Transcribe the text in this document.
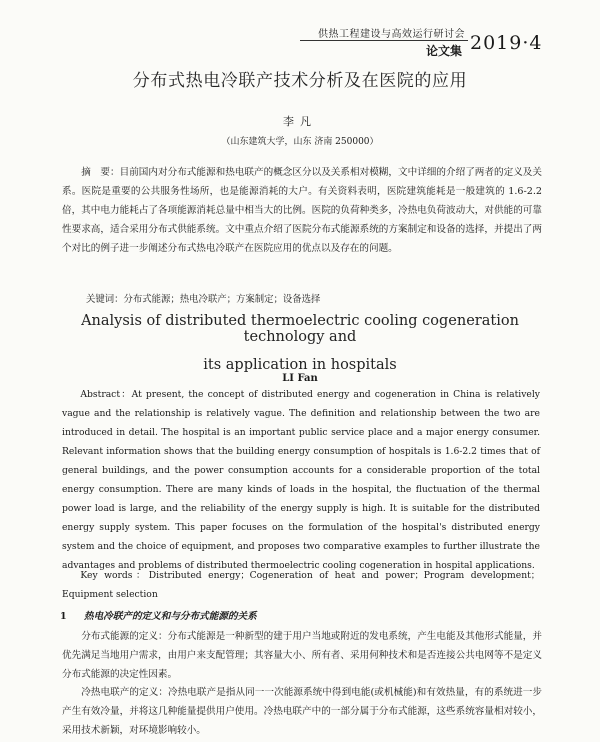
供热工程建设与高效运行研讨会
论文集 2019·4
分布式热电冷联产技术分析及在医院的应用
李凡
（山东建筑大学，山东 济南 250000）
摘　要：目前国内对分布式能源和热电联产的概念区分以及关系相对模糊，文中详细的介绍了两者的定义及关系。医院是重要的公共服务性场所，也是能源消耗的大户。有关资料表明，医院建筑能耗是一般建筑的 1.6-2.2 倍，其中电力能耗占了各项能源消耗总量中相当大的比例。医院的负荷种类多，冷热电负荷波动大，对供能的可靠性要求高，适合采用分布式供能系统。文中重点介绍了医院分布式能源系统的方案制定和设备的选择，并提出了两个对比的例子进一步阐述分布式热电冷联产在医院应用的优点以及存在的问题。
关键词：分布式能源；热电冷联产；方案制定；设备选择
Analysis of distributed thermoelectric cooling cogeneration technology and
its application in hospitals
LI Fan
Abstract：At present, the concept of distributed energy and cogeneration in China is relatively vague and the relationship is relatively vague. The definition and relationship between the two are introduced in detail. The hospital is an important public service place and a major energy consumer. Relevant information shows that the building energy consumption of hospitals is 1.6-2.2 times that of general buildings, and the power consumption accounts for a considerable proportion of the total energy consumption. There are many kinds of loads in the hospital, the fluctuation of the thermal power load is large, and the reliability of the energy supply is high. It is suitable for the distributed energy supply system. This paper focuses on the formulation of the hospital's distributed energy system and the choice of equipment, and proposes two comparative examples to further illustrate the advantages and problems of distributed thermoelectric cooling cogeneration in hospital applications.
Key words：Distributed energy；Cogeneration of heat and power；Program development；Equipment selection
1 热电冷联产的定义和与分布式能源的关系
分布式能源的定义：分布式能源是一种新型的建于用户当地或附近的发电系统，产生电能及其他形式能量，并优先满足当地用户需求，由用户来支配管理；其容量大小、所有者、采用何种技术和是否连接公共电网等不是定义分布式能源的决定性因素。
冷热电联产的定义：冷热电联产是指从同一一次能源系统中得到电能(或机械能)和有效热量，有的系统进一步产生有效冷量，并将这几种能量提供用户使用。冷热电联产中的一部分属于分布式能源，这些系统容量相对较小，采用技术新颖，对环境影响较小。
